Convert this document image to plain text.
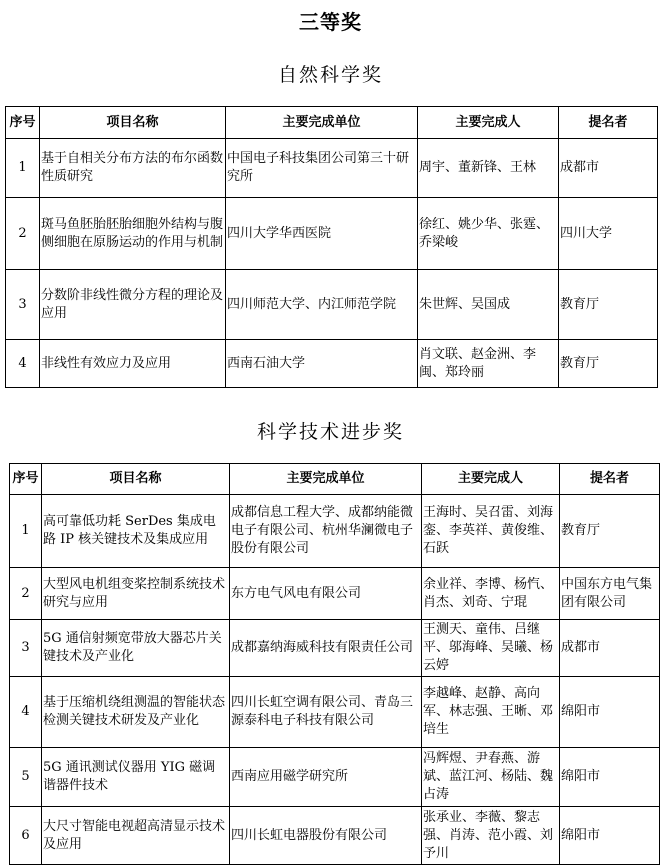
三等奖
自然科学奖
序号	项目名称	主要完成单位	主要完成人	提名者
1	基于自相关分布方法的布尔函数性质研究	中国电子科技集团公司第三十研究所	周宇、董新锋、王林	成都市
2	斑马鱼胚胎胚胎细胞外结构与腹侧细胞在原肠运动的作用与机制	四川大学华西医院	徐红、姚少华、张霆、乔梁峻	四川大学
3	分数阶非线性微分方程的理论及应用	四川师范大学、内江师范学院	朱世辉、吴国成	教育厅
4	非线性有效应力及应用	西南石油大学	肖文联、赵金洲、李闽、郑玲丽	教育厅
科学技术进步奖
序号	项目名称	主要完成单位	主要完成人	提名者
1	高可靠低功耗 SerDes 集成电路 IP 核关键技术及集成应用	成都信息工程大学、成都纳能微电子有限公司、杭州华澜微电子股份有限公司	王海时、吴召雷、刘海銮、李英祥、黄俊维、石跃	教育厅
2	大型风电机组变桨控制系统技术研究与应用	东方电气风电有限公司	余业祥、李博、杨忾、肖杰、刘奇、宁琨	中国东方电气集团有限公司
3	5G 通信射频宽带放大器芯片关键技术及产业化	成都嘉纳海威科技有限责任公司	王测天、童伟、吕继平、邬海峰、吴曦、杨云婷	成都市
4	基于压缩机绕组测温的智能状态检测关键技术研发及产业化	四川长虹空调有限公司、青岛三源泰科电子科技有限公司	李越峰、赵静、高向军、林志强、王晰、邓培生	绵阳市
5	5G 通讯测试仪器用 YIG 磁调谐器件技术	西南应用磁学研究所	冯辉煜、尹春燕、游斌、蓝江河、杨陆、魏占涛	绵阳市
6	大尺寸智能电视超高清显示技术及应用	四川长虹电器股份有限公司	张承业、李薇、黎志强、肖涛、范小霞、刘予川	绵阳市
